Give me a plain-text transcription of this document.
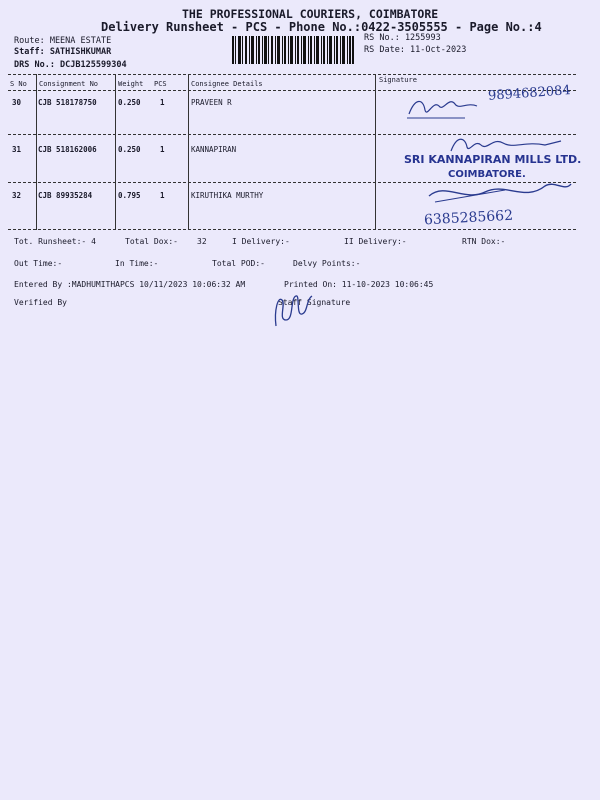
THE PROFESSIONAL COURIERS, COIMBATORE
Delivery Runsheet - PCS - Phone No.:0422-3505555 - Page No.:4
Route: MEENA ESTATE
Staff: SATHISHKUMAR
DRS No.: DCJB125599304
RS No.: 1255993
RS Date: 11-Oct-2023
S No Consignment No	Weight PCS	Consignee Details	Signature
30 CJB 518178750	0.250	1	PRAVEEN R
31 CJB 518162006	0.250	1	KANNAPIRAN
32 CJB 89935284	0.795	1	KIRUTHIKA MURTHY
9894682084
SRI KANNAPIRAN MILLS LTD.
COIMBATORE.
6385285662
Tot. Runsheet:- 4	Total Dox:- 32	I Delivery:-	II Delivery:-	RTN Dox:-
Out Time:-	In Time:-	Total POD:-	Delvy Points:-
Entered By :MADHUMITHAPCS 10/11/2023 10:06:32 AM	Printed On: 11-10-2023 10:06:45
Verified By	Staff Signature
